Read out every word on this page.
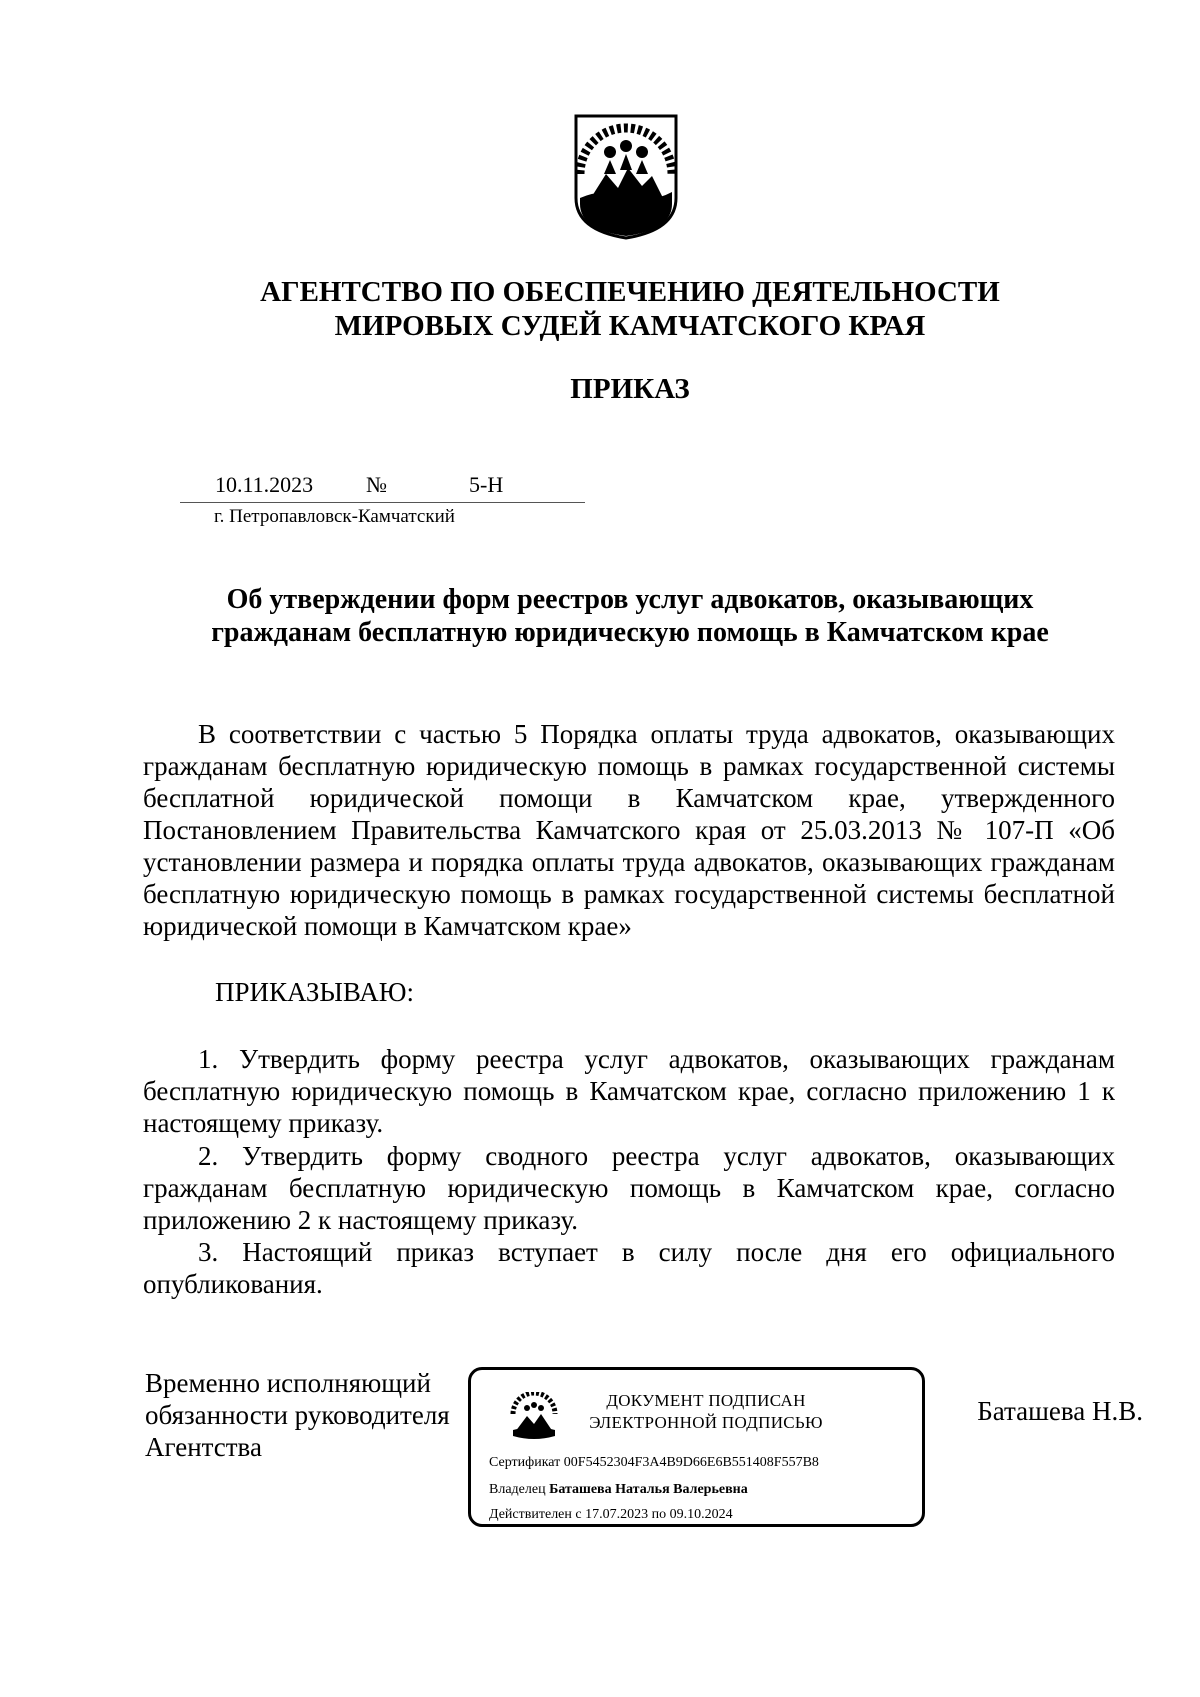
АГЕНТСТВО ПО ОБЕСПЕЧЕНИЮ ДЕЯТЕЛЬНОСТИ
МИРОВЫХ СУДЕЙ КАМЧАТСКОГО КРАЯ
ПРИКАЗ
10.11.2023 №	5-Н
г. Петропавловск-Камчатский
Об утверждении форм реестров услуг адвокатов, оказывающих
гражданам бесплатную юридическую помощь в Камчатском крае
В соответствии с частью 5 Порядка оплаты труда адвокатов, оказывающих гражданам бесплатную юридическую помощь в рамках государственной системы бесплатной юридической помощи в Камчатском крае, утвержденного Постановлением Правительства Камчатского края от 25.03.2013 № 107-П «Об установлении размера и порядка оплаты труда адвокатов, оказывающих гражданам бесплатную юридическую помощь в рамках государственной системы бесплатной юридической помощи в Камчатском крае»
ПРИКАЗЫВАЮ:
1. Утвердить форму реестра услуг адвокатов, оказывающих гражданам бесплатную юридическую помощь в Камчатском крае, согласно приложению 1 к настоящему приказу.
2. Утвердить форму сводного реестра услуг адвокатов, оказывающих гражданам бесплатную юридическую помощь в Камчатском крае, согласно приложению 2 к настоящему приказу.
3. Настоящий приказ вступает в силу после дня его официального опубликования.
Временно исполняющий
обязанности руководителя
Агентства
ДОКУМЕНТ ПОДПИСАН
ЭЛЕКТРОННОЙ ПОДПИСЬЮ
Сертификат 00F5452304F3A4B9D66E6B551408F557B8
Владелец Баташева Наталья Валерьевна
Действителен с 17.07.2023 по 09.10.2024
Баташева Н.В.
